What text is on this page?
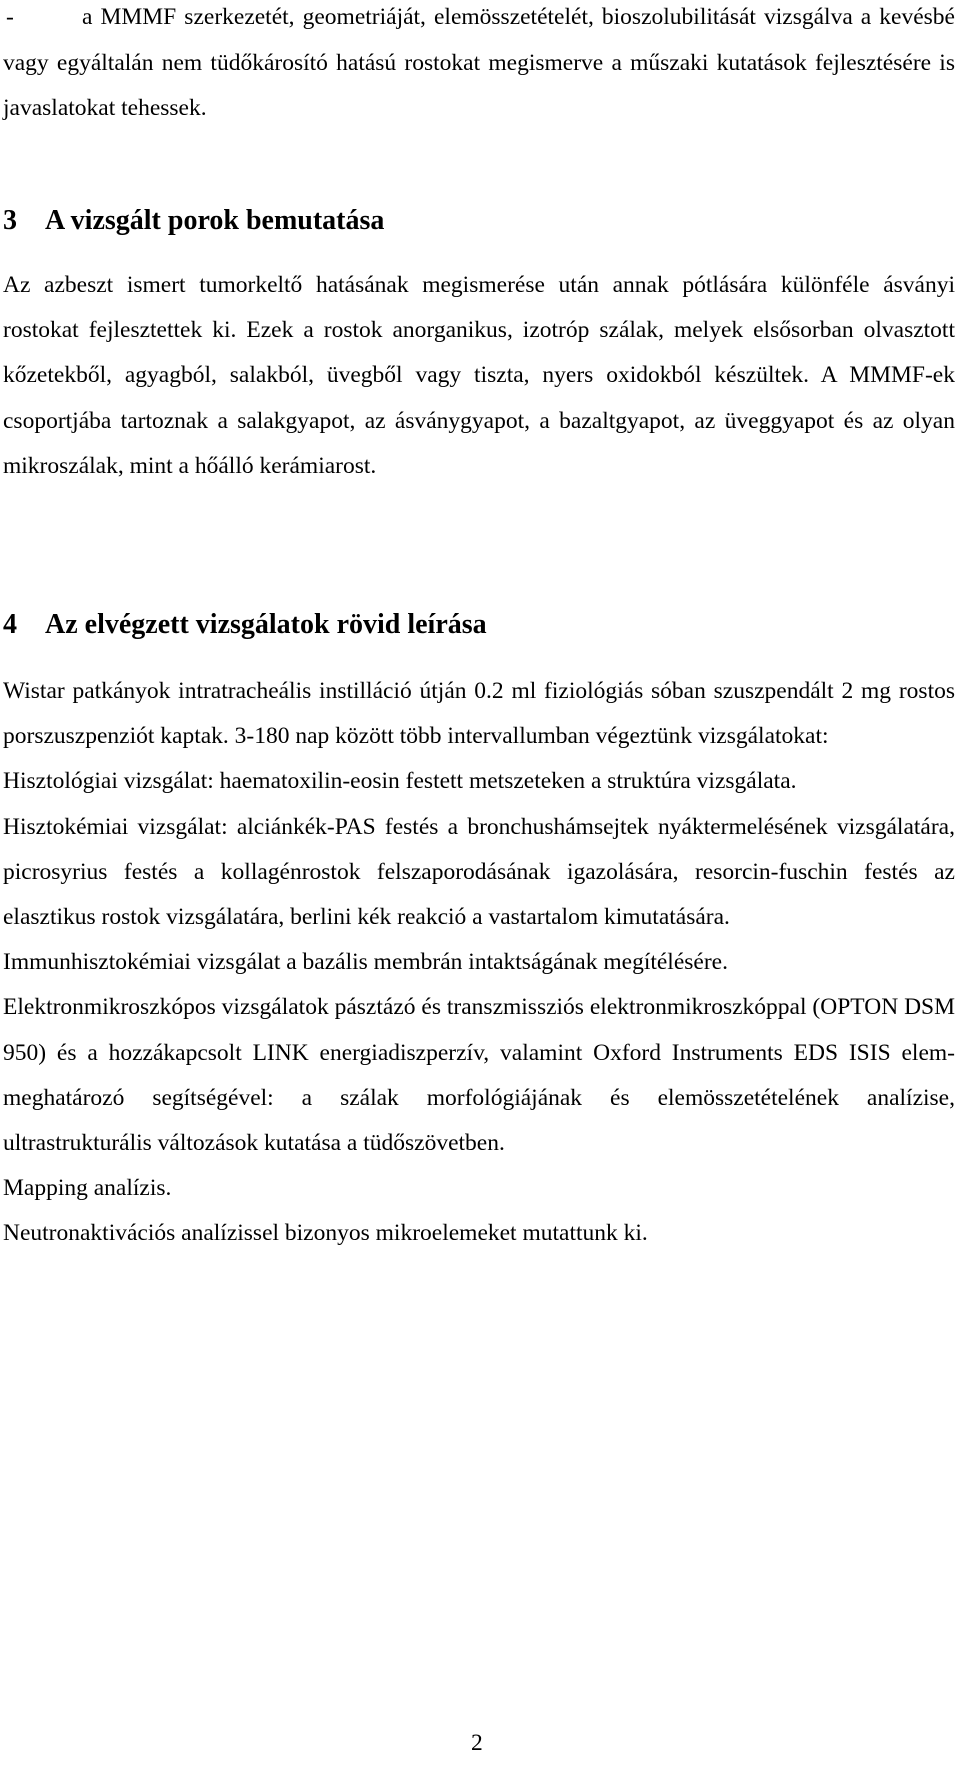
-	a MMMF szerkezetét, geometriáját, elemösszetételét, bioszolubilitását vizsgálva a kevésbé vagy egyáltalán nem tüdőkárosító hatású rostokat megismerve a műszaki kutatások fejlesztésére is javaslatokat tehessek.
3 A vizsgált porok bemutatása

Az azbeszt ismert tumorkeltő hatásának megismerése után annak pótlására különféle ásványi rostokat fejlesztettek ki. Ezek a rostok anorganikus, izotróp szálak, melyek elsősorban olvasztott kőzetekből, agyagból, salakból, üvegből vagy tiszta, nyers oxidokból készültek. A MMMF-ek csoportjába tartoznak a salakgyapot, az ásványgyapot, a bazaltgyapot, az üveggyapot és az olyan mikroszálak, mint a hőálló kerámiarost.

4 Az elvégzett vizsgálatok rövid leírása

Wistar patkányok intratracheális instilláció útján 0.2 ml fiziológiás sóban szuszpendált 2 mg rostos porszuszpenziót kaptak. 3-180 nap között több intervallumban végeztünk vizsgálatokat:

Hisztológiai vizsgálat: haematoxilin-eosin festett metszeteken a struktúra vizsgálata.

Hisztokémiai vizsgálat: alciánkék-PAS festés a bronchushámsejtek nyáktermelésének vizsgálatára, picrosyrius festés a kollagénrostok felszaporodásának igazolására, resorcin-fuschin festés az elasztikus rostok vizsgálatára, berlini kék reakció a vastartalom kimutatására.

Immunhisztokémiai vizsgálat a bazális membrán intaktságának megítélésére.

Elektronmikroszkópos vizsgálatok pásztázó és transzmissziós elektronmikroszkóppal (OPTON DSM 950) és a hozzákapcsolt LINK energiadiszperzív, valamint Oxford Instruments EDS ISIS elem-meghatározó segítségével: a szálak morfológiájának és elemösszetételének analízise, ultrastrukturális változások kutatása a tüdőszövetben.

Mapping analízis.

Neutronaktivációs analízissel bizonyos mikroelemeket mutattunk ki.

2
